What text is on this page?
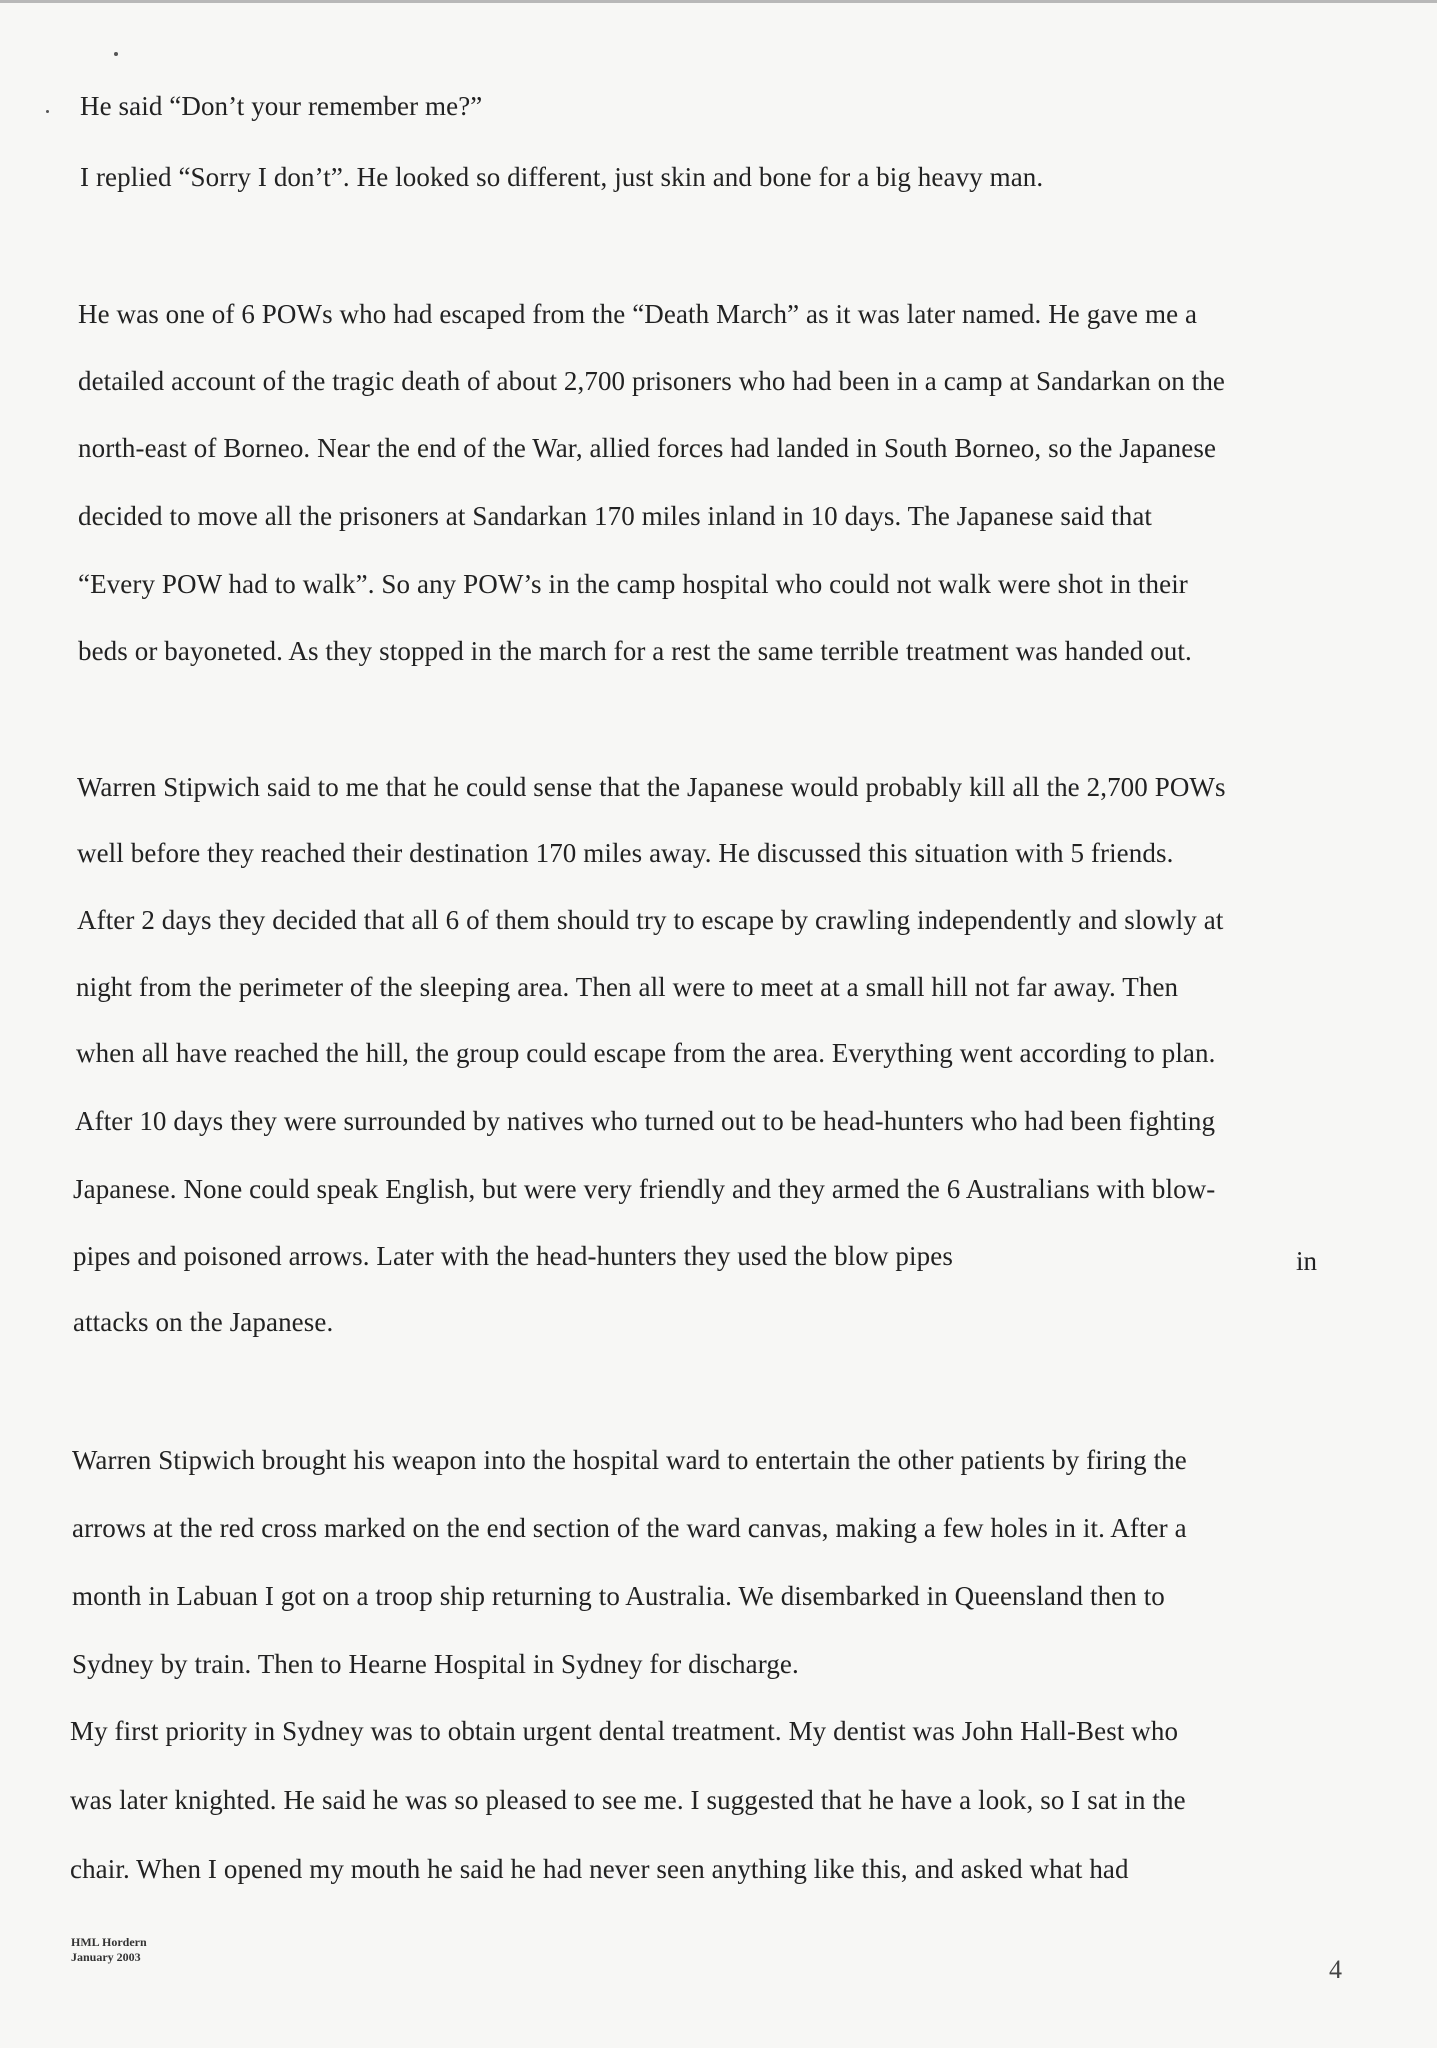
He said “Don’t your remember me?”
I replied “Sorry I don’t”. He looked so different, just skin and bone for a big heavy man.
He was one of 6 POWs who had escaped from the “Death March” as it was later named. He gave me a
detailed account of the tragic death of about 2,700 prisoners who had been in a camp at Sandarkan on the
north-east of Borneo. Near the end of the War, allied forces had landed in South Borneo, so the Japanese
decided to move all the prisoners at Sandarkan 170 miles inland in 10 days. The Japanese said that
“Every POW had to walk”. So any POW’s in the camp hospital who could not walk were shot in their
beds or bayoneted. As they stopped in the march for a rest the same terrible treatment was handed out.
Warren Stipwich said to me that he could sense that the Japanese would probably kill all the 2,700 POWs
well before they reached their destination 170 miles away. He discussed this situation with 5 friends.
After 2 days they decided that all 6 of them should try to escape by crawling independently and slowly at
night from the perimeter of the sleeping area. Then all were to meet at a small hill not far away. Then
when all have reached the hill, the group could escape from the area. Everything went according to plan.
After 10 days they were surrounded by natives who turned out to be head-hunters who had been fighting
Japanese. None could speak English, but were very friendly and they armed the 6 Australians with blow-
pipes and poisoned arrows. Later with the head-hunters they used the blow pipes	in
attacks on the Japanese.
Warren Stipwich brought his weapon into the hospital ward to entertain the other patients by firing the
arrows at the red cross marked on the end section of the ward canvas, making a few holes in it. After a
month in Labuan I got on a troop ship returning to Australia. We disembarked in Queensland then to
Sydney by train. Then to Hearne Hospital in Sydney for discharge.
My first priority in Sydney was to obtain urgent dental treatment. My dentist was John Hall-Best who
was later knighted. He said he was so pleased to see me. I suggested that he have a look, so I sat in the
chair. When I opened my mouth he said he had never seen anything like this, and asked what had
HML Hordern
January 2003	4
